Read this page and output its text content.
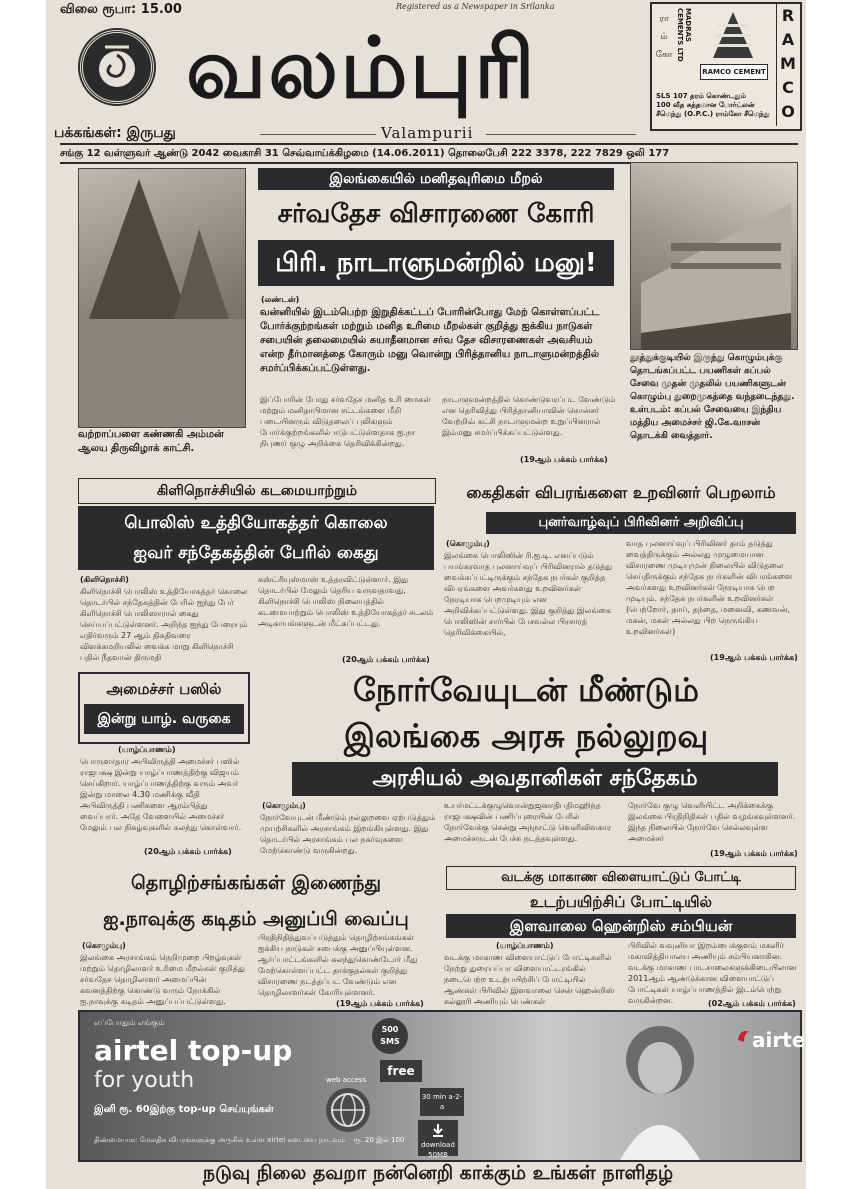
விலை ரூபா: 15.00	Registered as a Newspaper in Srilanka
வலம்புரி
பக்கங்கள்: இருபது	Valampurii
ரா
ம்
கோ
MADRAS CEMENTS LTD
RAMCO CEMENT
R
A
M
C
O
SLS 107 தரம் கொண்டதும்
100 வீத சுத்தமான போர்ட்லன்
சீமெந்து (O.P.C.) ராம்கோ சீமெந்து
சங்கு 12 வள்ளுவர் ஆண்டு 2042 வைகாசி 31 செவ்வாய்க்கிழமை (14.06.2011) தொலைபேசி 222 3378, 222 7829 ஒலி 177
வற்றாப்பளை கண்ணகி அம்மன் ஆலய திருவிழாக் காட்சி.
இலங்கையில் மனிதவுரிமை மீறல்
சர்வதேச விசாரணை கோரி
பிரி. நாடாளுமன்றில் மனு!
(லண்டன்)
வன்னியில் இடம்பெற்ற இறுதிக்கட்டப் போரின்போது மேற் கொள்ளப்பட்ட போர்க்குற்றங்கள் மற்றும் மனித உரிமை மீறல்கள் குறித்து ஐக்கிய நாடுகள் சபையின் தலைமையில் சுயாதீனமான சர்வ தேச விசாரணைகள் அவசியம் என்ற தீர்மானத்தை கோரும் மனு வொன்று பிரித்தானிய நாடாளுமன்றத்தில் சமர்ப்பிக்கப்பட்டுள்ளது.
இப்போரின் போது சர்வதேச மனித உரி மைகள் மற்றும் மனிதாபிமான சட்டங்களை மீறி படையினரும் விடுதலைப் புலிகளும் போர்க்குற்றங்களில் ஈடுபட்டுள்ளதாக ஐ.நா நிபுணர் குழு அறிக்கை தெரிவிக்கின்றது.
நாடாளுமன்றத்தில் கொண்டுவரப்பட வேண்டும் என தெரிவித்து பிரித்தானியாவின் கொன்சர் வேற்றிவ் கட்சி நாடாளுமன்ற உறுப்பினரால் இம்மனு சமர்ப்பிக்கப்பட்டுள்ளது.
(19ஆம் பக்கம் பார்க்க)
தூத்துக்குடியில் இருந்து கொழும்புக்கு தொடங்கப்பட்ட பயணிகள் கப்பல் சேவை முதன் முதலில் பயணிகளுடன் கொழும்பு துறைமுகத்தை வந்தடைந்தது. உள்படம்: கப்பல் சேவையை இந்திய மத்திய அமைச்சர் ஜி.கே.வாசன் தொடக்கி வைத்தார்.
கிளிநொச்சியில் கடமையாற்றும்
பொலிஸ் உத்தியோகத்தர் கொலை
ஐவர் சந்தேகத்தின் பேரில் கைது
(கிளிநொச்சி)
கிளிநொச்சி பொலிஸ் உத்தியோகத்தர் கொலை தொடர்பில் சந்தேகத்தின் பேரில் ஐந்து பேர் கிளிநொச்சி பொலிஸாரால் கைது செய்யப்பட்டுள்ளனர். அறிந்த ஐந்து பேரையும் எதிர்வரும் 27 ஆம் திகதிவரை விளக்கமறியலில் வைக்க மாறு கிளிநொச்சி பதில் நீதவான் திருமதி
கஸ்ட்ரியுஸ்மாஸ் உத்தரவிட்டுள்ளார். இது தொடர்பில் மேலும் தெரிய வருவதாவது, கிளிநொச்சி பொலிஸ் நிலையத்தில் கடமையாற்றும் பொலிஸ் உத்தியோகத்தர் சடலம் அடிகாயங்களுடன் மீட்கப்பட்டது.
(20ஆம் பக்கம் பார்க்க)
கைதிகள் விபரங்களை உறவினர் பெறலாம்
புனர்வாழ்வுப் பிரிவினர் அறிவிப்பு
(கொழும்பு)
இலங்கை பொலிஸின் ரி.ஐ.டி. எனப்படும் பயங்கரவாத புலனாய்வுப் பிரிவினரால் தடுத்து வைக்கப்பட்டிருக்கும் சந்தேக நபர்கள் குறித்த விபரங்களை அவர்களது உறவினர்கள் நேரடியாக பெறமுடியும் என அறிவிக்கப்பட்டுள்ளது. இது குறித்து இலங்கை பொலிஸின் சார்பில் பேசவல்ல பிரசாரத் தெரிவிக்கையில்,
வாத புலனாய்வுப் பிரிவினர் தாம் தடுத்து வைத்திருக்கும் அல்லது முழுமையான விசாரணை முடியுமுன் நிலையில் விடுதலை செய்திருக்கும் சந்தேக நபர்களின் விபரங்களை அவர்களது உறவினர்கள் நேரடியாக பெற முடியும். சந்தேக நபர்களின் உறவினர்கள் (பெற்றோர், தாய், தந்தை, மனைவி, கணவன், மகன், மகள் அல்லது பிற நெருங்கிய உறவினர்கள்)
(19ஆம் பக்கம் பார்க்க)
அமைச்சர் பஸில்
இன்று யாழ். வருகை
(யாழ்ப்பாணம்)
பொருளாதார அபிவிருத்தி அமைச்சர் பஸில் ராஜபக்ஷ இன்று யாழ்ப்பாணத்திற்கு விஜயம் செய்கிறார். யாழ்ப்பாணத்திற்கு வரும் அவர் இன்று மாலை 4.30 மணிக்கு வீதி அபிவிருத்தி பணிகளை ஆரம்பித்து வைப்பார். அதே வேளையில் அமைச்சர் மேலும் பல நிகழ்வுகளில் கலந்து கொள்வார்.
(20ஆம் பக்கம் பார்க்க)
நோர்வேயுடன் மீண்டும்
இலங்கை அரசு நல்லுறவு
அரசியல் அவதானிகள் சந்தேகம்
(கொழும்பு)
நோர்வேயுடன் மீண்டும் நல்லுறவை ஏற்படுத்தும் முயற்சிகளில் அரசாங்கம் இறங்கியுள்ளது. இது தொடர்பில் அரசாங்கம் பல நகர்வுகளை மேற்கொண்டு வருகின்றது.
உயர்மட்டக்குழுவொன்றுஜனாதிபதிமஹிந்த ராஜபக்ஷவின் பணிப்புரையின் பேரில் நோர்வேக்கு சென்று அந்நாட்டு வெளிவிவகார அமைச்சருடன் பேச்சு நடத்தவுள்ளது.
நோர்வே குழு வெளியிட்ட அறிக்கைக்கு இலங்கை பிரதிநிதிகள் பதில் வழங்கவுள்ளனர். இந்த நிலையில் நோர்வே செல்லவுள்ள அமைச்சர்
(19ஆம் பக்கம் பார்க்க)
தொழிற்சங்கங்கள் இணைந்து
ஐ.நாவுக்கு கடிதம் அனுப்பி வைப்பு
(கொழும்பு)
இலங்கை அரசாங்கம் நெறிமுறை பிறழ்வுகள் மற்றும் தொழிலாளர் உரிமை மீறல்கள் குறித்து சர்வதேச தொழிலாளர் அமைப்பின் கவனத்திற்கு கொண்டு வரும் நோக்கில் ஐ.நாவுக்கு கடிதம் அனுப்பப்பட்டுள்ளது.
பிரதிநிதித்துவப்படுத்தும் தொழிற்சங்கங்கள் ஐக்கிய நாடுகள் சபைக்கு அனுப்பியுள்ளன. ஆர்ப்பாட்டங்களில் கலந்துகொண்டோர் மீது மேற்கொள்ளப்பட்ட தாக்குதல்கள் குறித்து விசாரணை நடத்தப்பட வேண்டும் என தொழிலாளர்கள் கோரியுள்ளனர்.
(19ஆம் பக்கம் பார்க்க)
வடக்கு மாகாண விளையாட்டுப் போட்டி
உடற்பயிற்சிப் போட்டியில்
இளவாலை ஹென்றிஸ் சம்பியன்
(யாழ்ப்பாணம்)
வடக்கு மாகாண விளையாட்டுப் போட்டிகளில் நேற்று துரையப்பா விளையாட்டரங்கில் நடைபெற்ற உடற்பயிற்சிப் போட்டியில் ஆண்கள் பிரிவில் இளவாலை சென் ஹென்றிஸ் கல்லூரி அணியும் பெண்கள்
பிரிவில் வவுனியா இறம்பைக்குளம் மகளிர் மகாவித்தியாலய அணியும் சம்பியனாகின. வடக்கு மாகாண பாடசாலைகளுக்கிடையிலான 2011ஆம் ஆண்டுக்கான விளையாட்டுப் போட்டிகள் யாழ்ப்பாணத்தில் இடம்பெற்று வருகின்றன.	(02ஆம் பக்கம் பார்க்க)
எப்போதும் எங்கும்
airtel top-up
for youth
இனி ரூ. 60இற்கு top-up செய்யுங்கள்
திண்மையாக: மேலதிக விபரங்களுக்கு அருகில் உள்ள airtel கடையை நாடவும்
500 SMS
free
web access
30 min a-2-a
ரூ. 20 இல் 100
download 50MB
airtel
நடுவு நிலை தவறா நன்னெறி காக்கும் உங்கள் நாளிதழ்
